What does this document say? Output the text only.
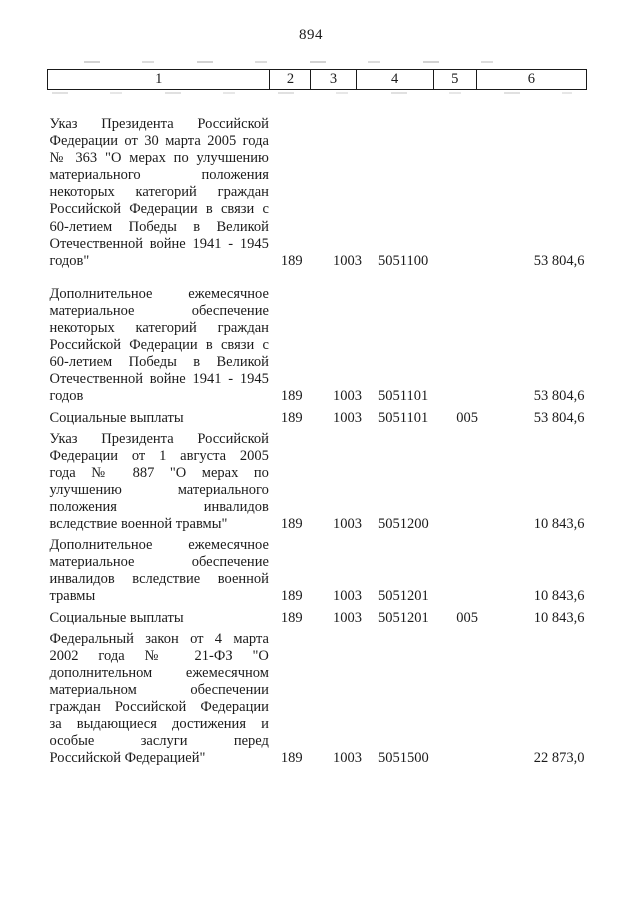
894
1	2	3	4	5	6

Указ Президента Российской
Федерации от 30 марта 2005 года
№ 363 "О мерах по улучшению
материального положения
некоторых категорий граждан
Российской Федерации в связи с
60-летием Победы в Великой
Отечественной войне 1941 - 1945
годов"	189	1003	5051100		53 804,6

Дополнительное ежемесячное
материальное обеспечение
некоторых категорий граждан
Российской Федерации в связи с
60-летием Победы в Великой
Отечественной войне 1941 - 1945
годов	189	1003	5051101		53 804,6

Социальные выплаты	189	1003	5051101	005	53 804,6

Указ Президента Российской
Федерации от 1 августа 2005
года № 887 "О мерах по
улучшению материального
положения инвалидов
вследствие военной травмы"	189	1003	5051200		10 843,6

Дополнительное ежемесячное
материальное обеспечение
инвалидов вследствие военной
травмы	189	1003	5051201		10 843,6

Социальные выплаты	189	1003	5051201	005	10 843,6

Федеральный закон от 4 марта
2002 года № 21-ФЗ "О
дополнительном ежемесячном
материальном обеспечении
граждан Российской Федерации
за выдающиеся достижения и
особые заслуги перед
Российской Федерацией"	189	1003	5051500		22 873,0
